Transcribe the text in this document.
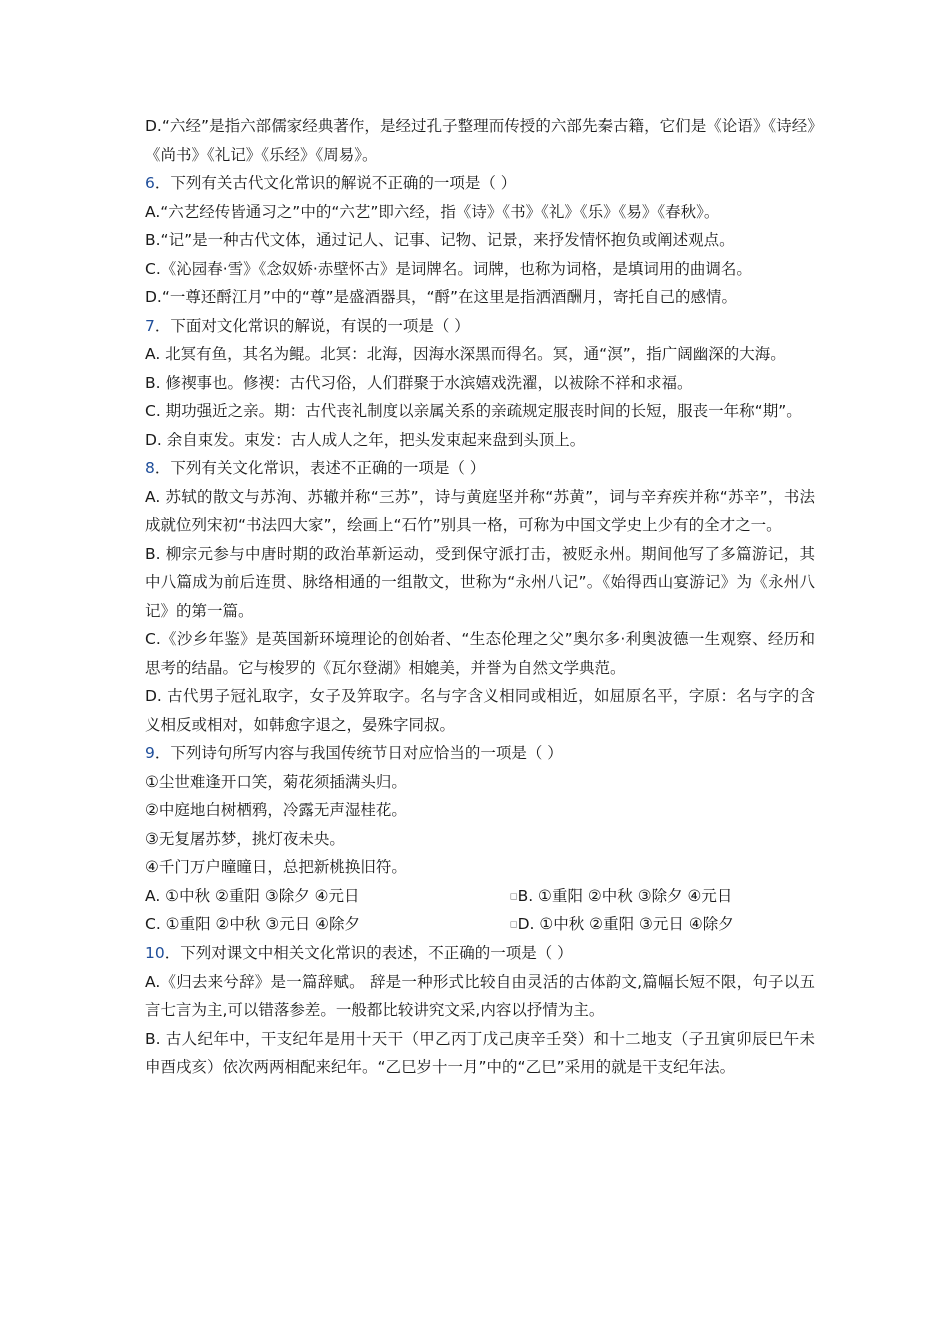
D.“六经”是指六部儒家经典著作，是经过孔子整理而传授的六部先秦古籍，它们是《论语》《诗经》《尚书》《礼记》《乐经》《周易》。

6．下列有关古代文化常识的解说不正确的一项是（ ）

A.“六艺经传皆通习之”中的“六艺”即六经，指《诗》《书》《礼》《乐》《易》《春秋》。

B.“记”是一种古代文体，通过记人、记事、记物、记景，来抒发情怀抱负或阐述观点。

C.《沁园春·雪》《念奴娇·赤壁怀古》是词牌名。词牌，也称为词格，是填词用的曲调名。

D.“一尊还酹江月”中的“尊”是盛酒器具，“酹”在这里是指洒酒酬月，寄托自己的感情。

7．下面对文化常识的解说，有误的一项是（ ）

A. 北冥有鱼，其名为鲲。北冥：北海，因海水深黑而得名。冥，通“溟”，指广阔幽深的大海。

B. 修禊事也。修禊：古代习俗，人们群聚于水滨嬉戏洗濯，以袚除不祥和求福。

C. 期功强近之亲。期：古代丧礼制度以亲属关系的亲疏规定服丧时间的长短，服丧一年称“期”。

D. 余自束发。束发：古人成人之年，把头发束起来盘到头顶上。

8．下列有关文化常识，表述不正确的一项是（ ）

A. 苏轼的散文与苏洵、苏辙并称“三苏”，诗与黄庭坚并称“苏黄”，词与辛弃疾并称“苏辛”，书法成就位列宋初“书法四大家”，绘画上“石竹”别具一格，可称为中国文学史上少有的全才之一。

B. 柳宗元参与中唐时期的政治革新运动，受到保守派打击，被贬永州。期间他写了多篇游记，其中八篇成为前后连贯、脉络相通的一组散文，世称为“永州八记”。《始得西山宴游记》为《永州八记》的第一篇。

C.《沙乡年鉴》是英国新环境理论的创始者、“生态伦理之父”奥尔多·利奥波德一生观察、经历和思考的结晶。它与梭罗的《瓦尔登湖》相媲美，并誉为自然文学典范。

D. 古代男子冠礼取字，女子及笄取字。名与字含义相同或相近，如屈原名平，字原：名与字的含义相反或相对，如韩愈字退之，晏殊字同叔。

9．下列诗句所写内容与我国传统节日对应恰当的一项是（ ）

①尘世难逢开口笑，菊花须插满头归。

②中庭地白树栖鸦，冷露无声湿桂花。

③无复屠苏梦，挑灯夜未央。

④千门万户曈曈日，总把新桃换旧符。

A. ①中秋 ②重阳 ③除夕 ④元日	□B. ①重阳 ②中秋 ③除夕 ④元日
C. ①重阳 ②中秋 ③元日 ④除夕	□D. ①中秋 ②重阳 ③元日 ④除夕

10．下列对课文中相关文化常识的表述，不正确的一项是（ ）

A.《归去来兮辞》是一篇辞赋。 辞是一种形式比较自由灵活的古体韵文,篇幅长短不限，句子以五言七言为主,可以错落参差。一般都比较讲究文采,内容以抒情为主。

B. 古人纪年中，干支纪年是用十天干（甲乙丙丁戊己庚辛壬癸）和十二地支（子丑寅卯辰巳午未申酉戌亥）依次两两相配来纪年。“乙巳岁十一月”中的“乙巳”采用的就是干支纪年法。
